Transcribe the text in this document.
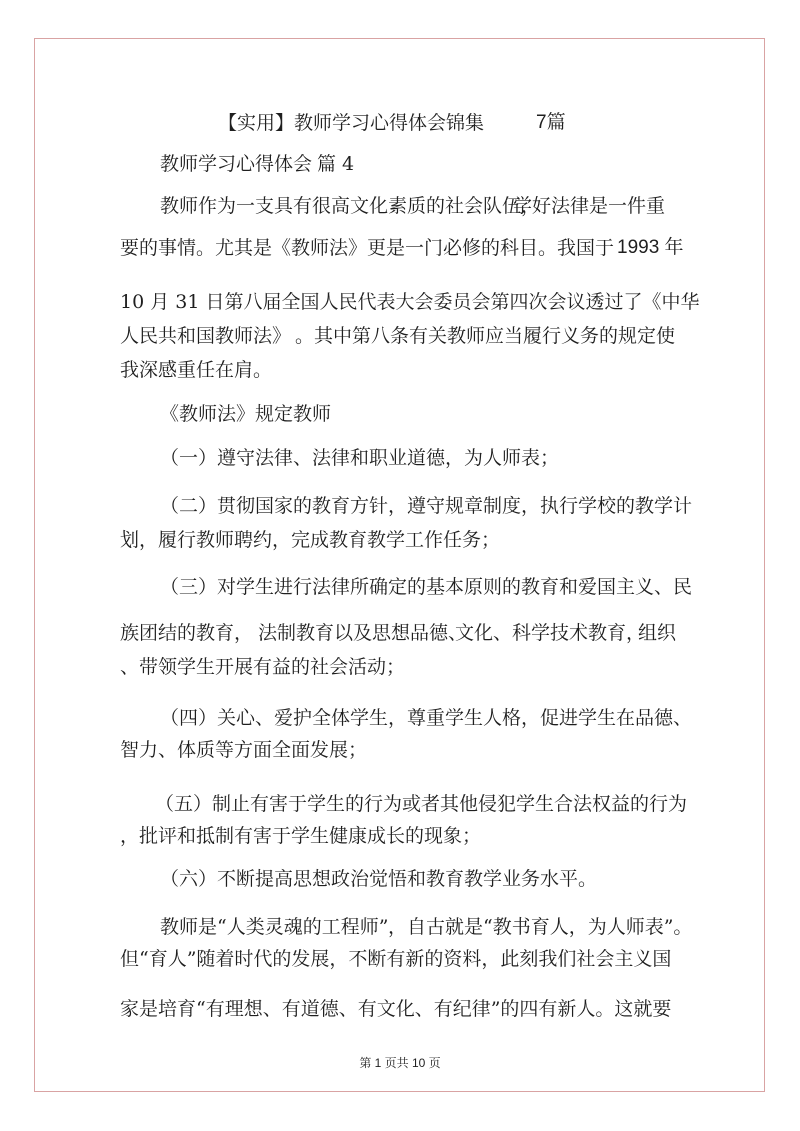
【实用】教师学习心得体会锦集	7篇
教师学习心得体会 篇 4
教师作为一支具有很高文化素质的社会队伍，
学好法律是一件重
要的事情。尤其是《教师法》更是一门必修的科目。我国于 1993 年
10 月 31 日第八届全国人民代表大会委员会第四次会议透过了《中华
人民共和国教师法》 。其中第八条有关教师应当履行义务的规定使
我深感重任在肩。
《教师法》规定教师
（一）遵守法律、法律和职业道德，为人师表；
（二）贯彻国家的教育方针，遵守规章制度，执行学校的教学计
划，履行教师聘约，完成教育教学工作任务；
（三）对学生进行法律所确定的基本原则的教育和爱国主义、民
族团结的教育， 法制教育以及思想品德、
文化、科学技术教育，
组织
、带领学生开展有益的社会活动；
（四）关心、爱护全体学生，尊重学生人格，促进学生在品德、
智力、体质等方面全面发展；
（五）制止有害于学生的行为或者其他侵犯学生合法权益的行为
，批评和抵制有害于学生健康成长的现象；
（六）不断提高思想政治觉悟和教育教学业务水平。
教师是“人类灵魂的工程师” ，自古就是“教书育人，为人师表”。
但“育人”随着时代的发展，不断有新的资料，此刻我们社会主义国
家是培育“有理想、有道德、有文化、有纪律”的四有新人。这就要
第 1 页共 10 页
